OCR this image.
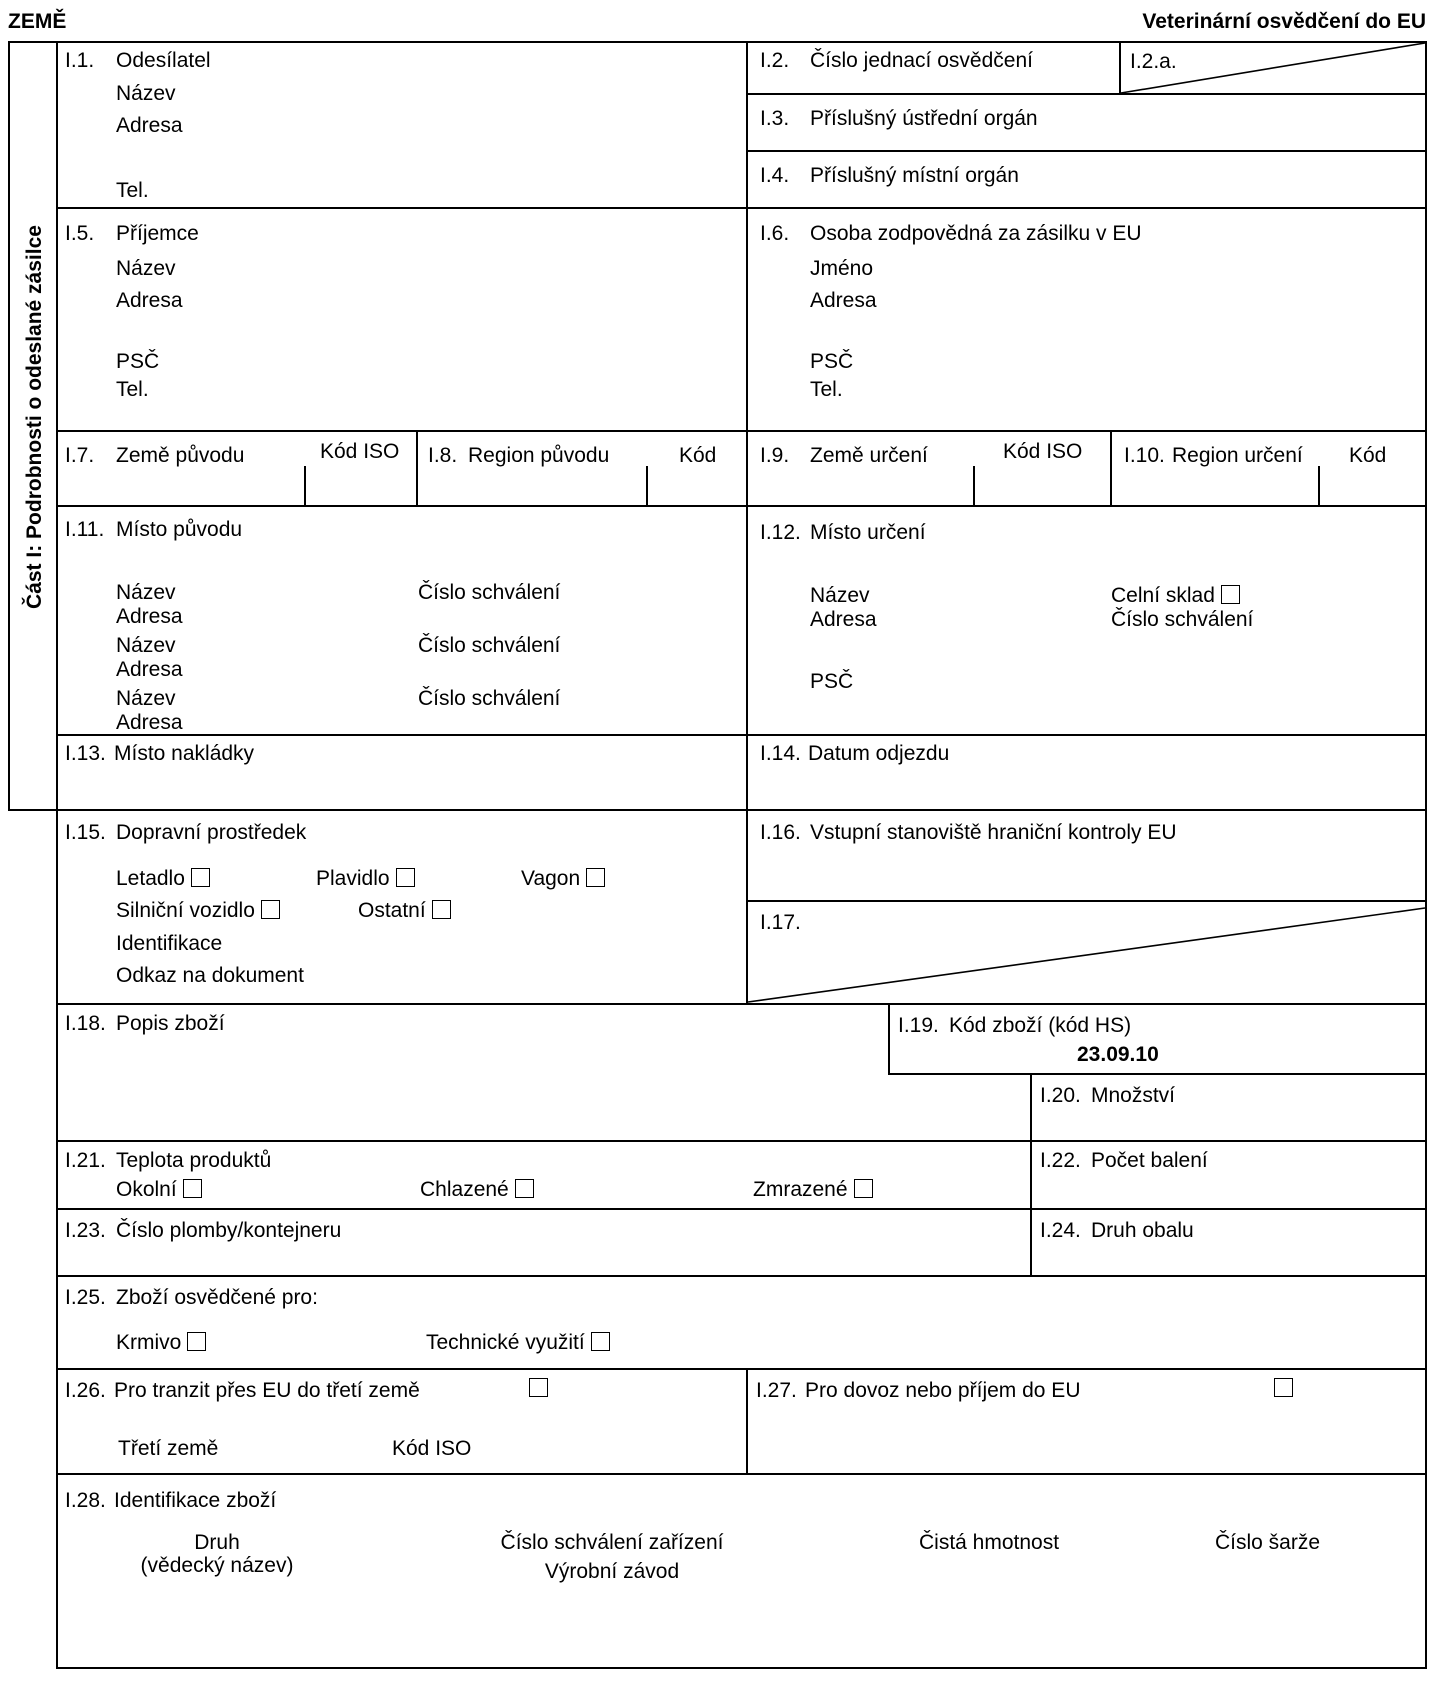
ZEMĚ	Veterinární osvědčení do EU
Část I: Podrobnosti o odeslané zásilce
I.1. Odesílatel
Název
Adresa
Tel.
I.2. Číslo jednací osvědčení	I.2.a.
I.3. Příslušný ústřední orgán
I.4. Příslušný místní orgán
I.5. Příjemce
Název
Adresa
PSČ
Tel.
I.6. Osoba zodpovědná za zásilku v EU
Jméno
Adresa
PSČ
Tel.
I.7. Země původu	Kód ISO I.8. Region původu	Kód I.9. Země určení	Kód ISO I.10. Region určení Kód
I.11. Místo původu
Název
Adresa
Číslo schválení
Název
Adresa
Číslo schválení
Název
Adresa
Číslo schválení
I.12. Místo určení
Název
Adresa
PSČ
Celní sklad
Číslo schválení
I.13. Místo nakládky	I.14. Datum odjezdu
I.15. Dopravní prostředek
Letadlo	Plavidlo	Vagon
Silniční vozidlo	Ostatní
Identifikace
Odkaz na dokument
I.16. Vstupní stanoviště hraniční kontroly EU
I.17.
I.18. Popis zboží	I.19. Kód zboží (kód HS)
23.09.10
I.20. Množství
I.21. Teplota produktů
Okolní	Chlazené	Zmrazené
I.22. Počet balení
I.23. Číslo plomby/kontejneru	I.24. Druh obalu
I.25. Zboží osvědčené pro:
Krmivo	Technické využití
I.26. Pro tranzit přes EU do třetí země
Třetí země	Kód ISO
I.27. Pro dovoz nebo příjem do EU
I.28. Identifikace zboží
Druh
(vědecký název)
Číslo schválení zařízení
Výrobní závod
Čistá hmotnost	Číslo šarže
